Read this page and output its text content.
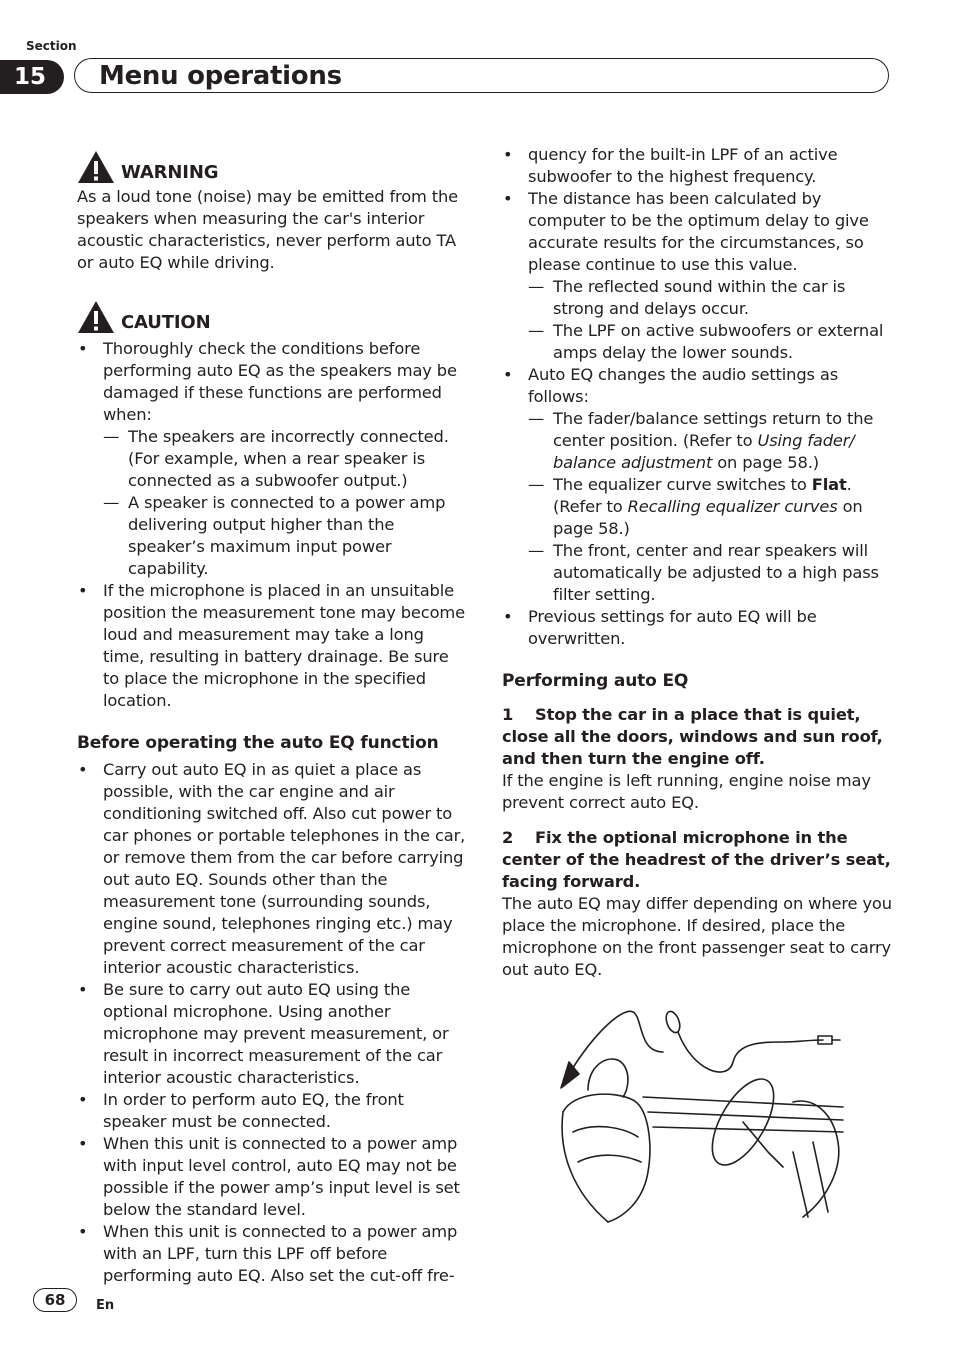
Section
15	Menu operations
WARNING
As a loud tone (noise) may be emitted from the speakers when measuring the car's interior acoustic characteristics, never perform auto TA or auto EQ while driving.
CAUTION
• Thoroughly check the conditions before performing auto EQ as the speakers may be damaged if these functions are performed when:
— The speakers are incorrectly connected. (For example, when a rear speaker is connected as a subwoofer output.)
— A speaker is connected to a power amp delivering output higher than the speaker’s maximum input power capability.
• If the microphone is placed in an unsuitable position the measurement tone may become loud and measurement may take a long time, resulting in battery drainage. Be sure to place the microphone in the specified location.
Before operating the auto EQ function
• Carry out auto EQ in as quiet a place as possible, with the car engine and air conditioning switched off. Also cut power to car phones or portable telephones in the car, or remove them from the car before carrying out auto EQ. Sounds other than the measurement tone (surrounding sounds, engine sound, telephones ringing etc.) may prevent correct measurement of the car interior acoustic characteristics.
• Be sure to carry out auto EQ using the optional microphone. Using another microphone may prevent measurement, or result in incorrect measurement of the car interior acoustic characteristics.
• In order to perform auto EQ, the front speaker must be connected.
• When this unit is connected to a power amp with input level control, auto EQ may not be possible if the power amp’s input level is set below the standard level.
• When this unit is connected to a power amp with an LPF, turn this LPF off before performing auto EQ. Also set the cut-off fre-
• quency for the built-in LPF of an active subwoofer to the highest frequency.
• The distance has been calculated by computer to be the optimum delay to give accurate results for the circumstances, so please continue to use this value.
— The reflected sound within the car is strong and delays occur.
— The LPF on active subwoofers or external amps delay the lower sounds.
• Auto EQ changes the audio settings as follows:
— The fader/balance settings return to the center position. (Refer to Using fader/ balance adjustment on page 58.)
— The equalizer curve switches to Flat. (Refer to Recalling equalizer curves on page 58.)
— The front, center and rear speakers will automatically be adjusted to a high pass filter setting.
• Previous settings for auto EQ will be overwritten.
Performing auto EQ
1 Stop the car in a place that is quiet, close all the doors, windows and sun roof, and then turn the engine off.
If the engine is left running, engine noise may prevent correct auto EQ.
2 Fix the optional microphone in the center of the headrest of the driver’s seat, facing forward.
The auto EQ may differ depending on where you place the microphone. If desired, place the microphone on the front passenger seat to carry out auto EQ.
68	En
